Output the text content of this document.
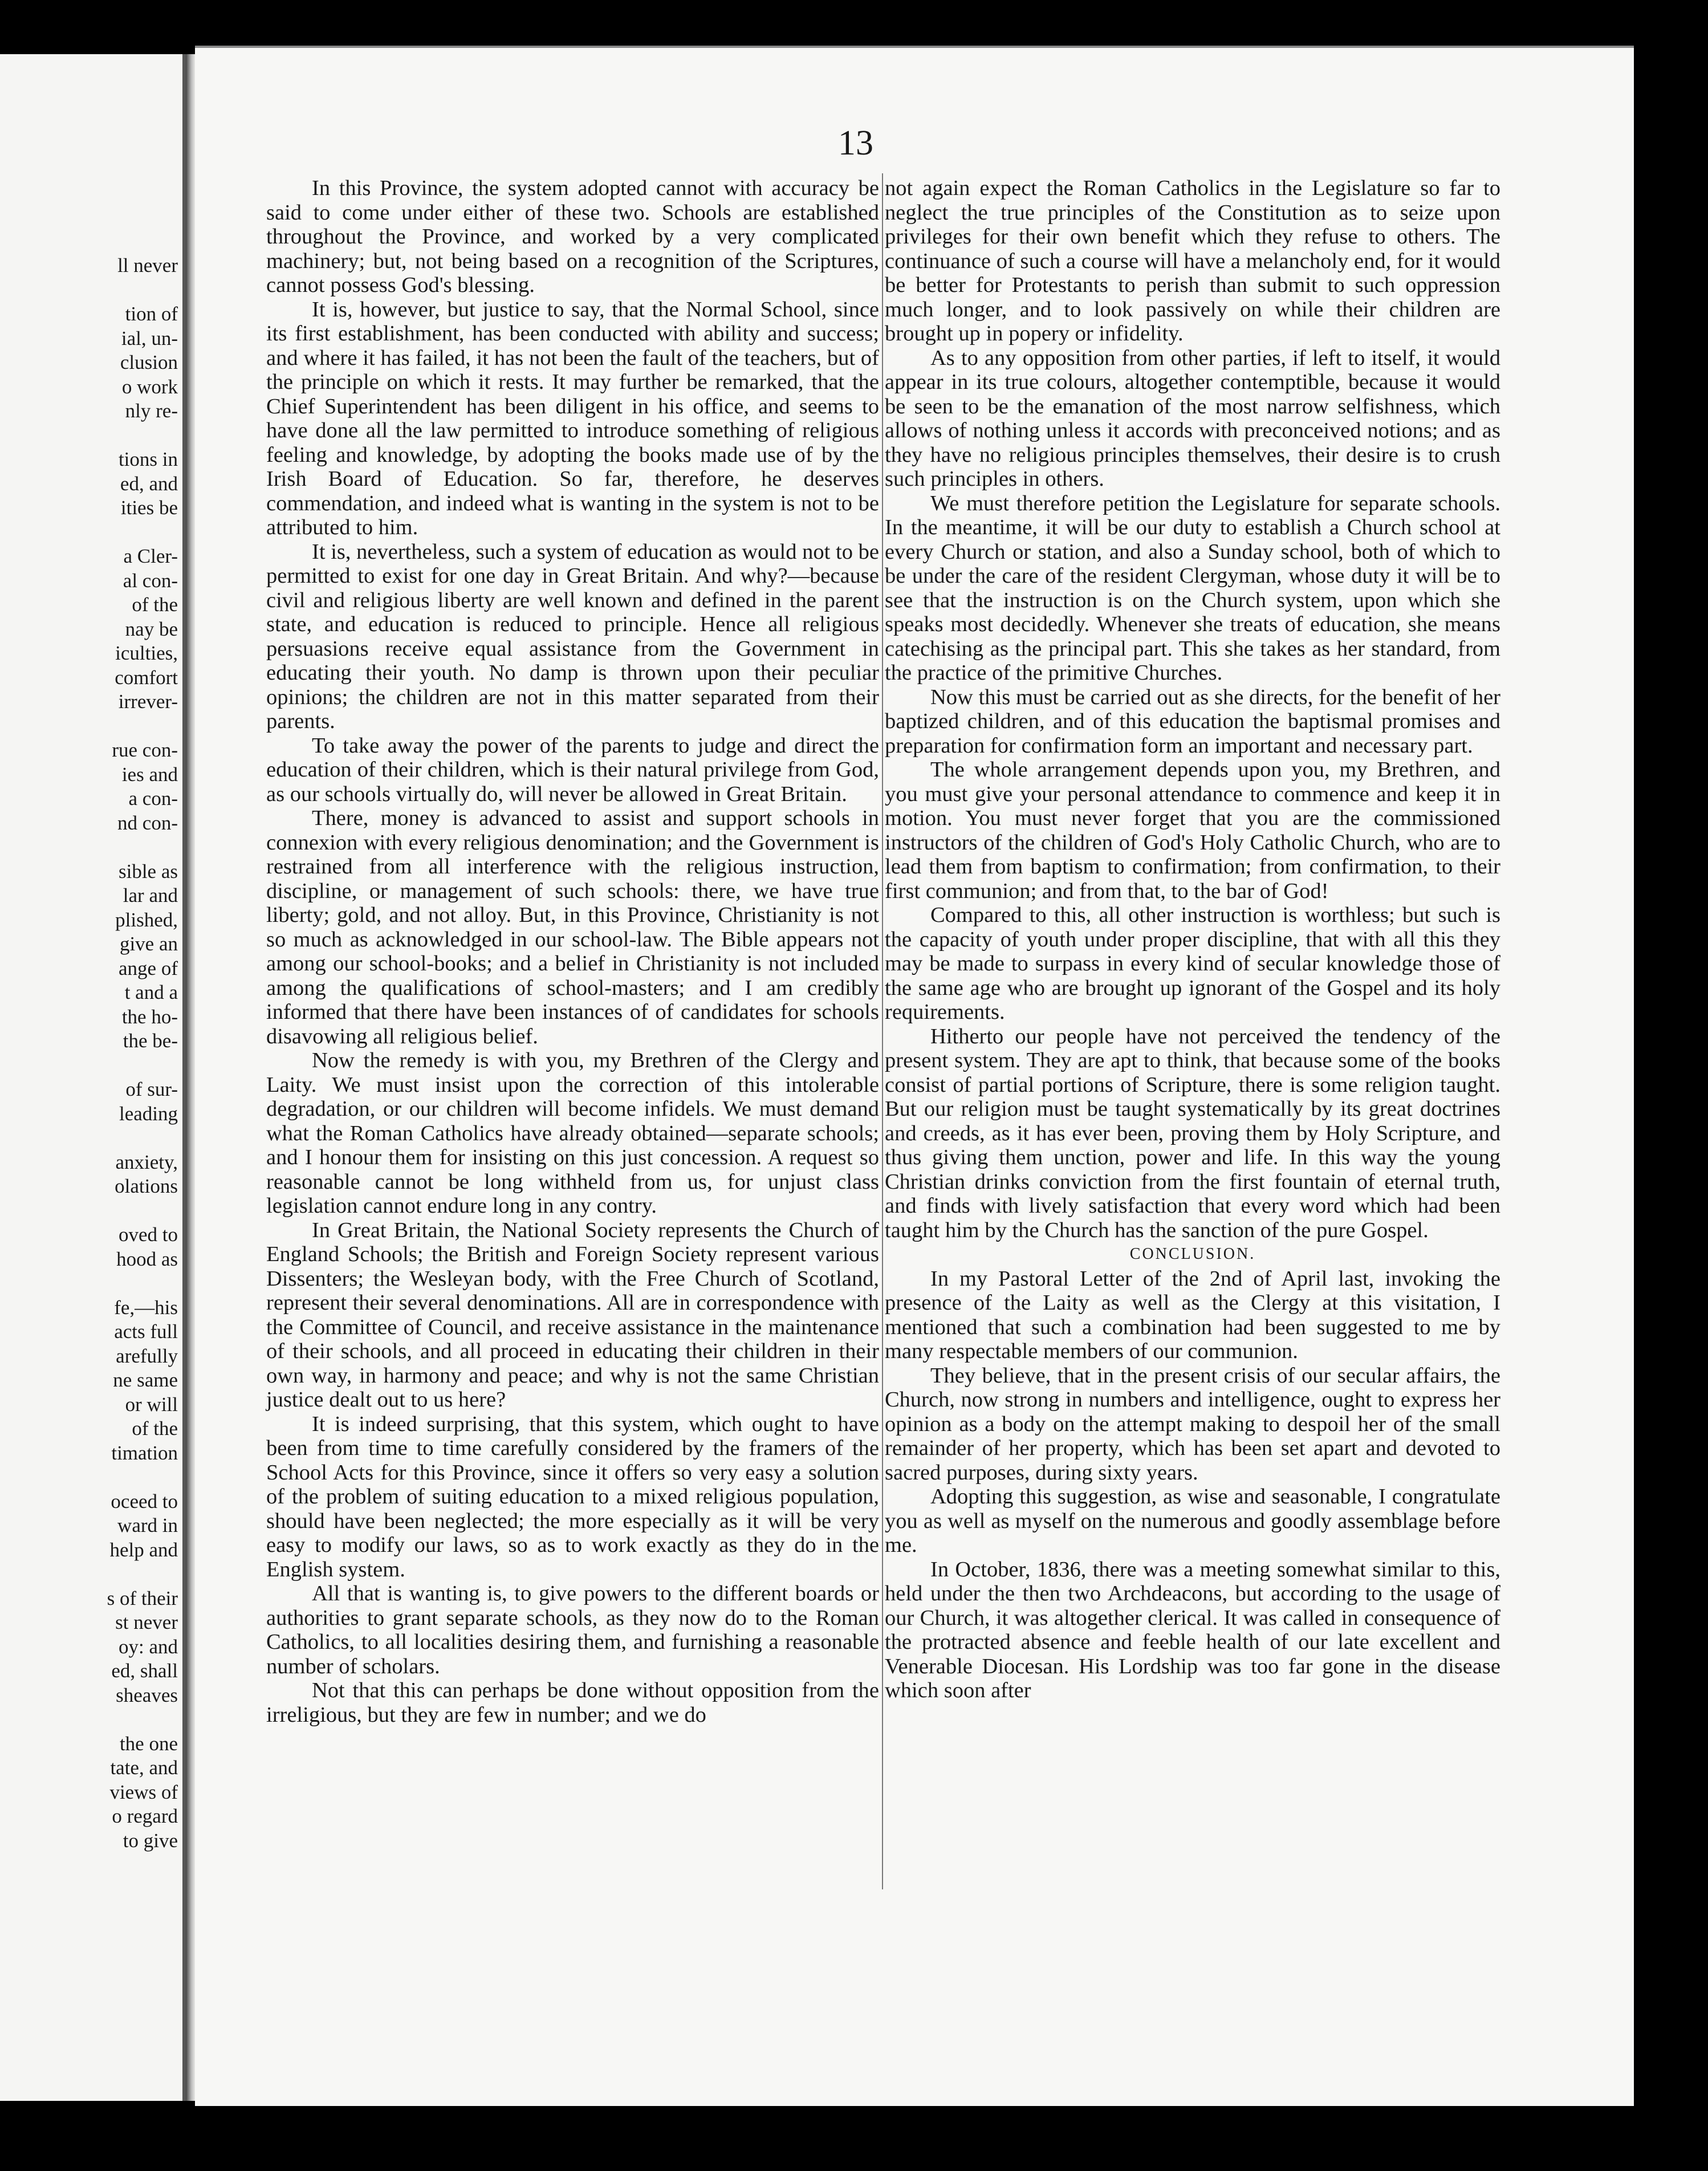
ll never

tion of
ial, un-
clusion
o work
nly re-

tions in
ed, and
ities be

a Cler-
al con-
of the
nay be
iculties,
comfort
irrever-

rue con-
ies and
a con-
nd con-

sible as
lar and
plished,
give an
ange of
t and a
the ho-
the be-

of sur-
leading

anxiety,
olations

oved to
hood as

fe,—his
acts full
arefully
ne same
or will
of the
timation

oceed to
ward in
help and

s of their
st never
oy: and
ed, shall
sheaves

the one
tate, and
views of
o regard
to give
13

In this Province, the system adopted cannot with accuracy be said to come under either of these two. Schools are established throughout the Province, and worked by a very complicated machinery; but, not being based on a recognition of the Scriptures, cannot possess God's blessing.

It is, however, but justice to say, that the Normal School, since its first establishment, has been conducted with ability and success; and where it has failed, it has not been the fault of the teachers, but of the principle on which it rests. It may further be remarked, that the Chief Superintendent has been diligent in his office, and seems to have done all the law permitted to introduce something of religious feeling and knowledge, by adopting the books made use of by the Irish Board of Education. So far, therefore, he deserves commendation, and indeed what is wanting in the system is not to be attributed to him.

It is, nevertheless, such a system of education as would not to be permitted to exist for one day in Great Britain. And why?—because civil and religious liberty are well known and defined in the parent state, and education is reduced to principle. Hence all religious persuasions receive equal assistance from the Government in educating their youth. No damp is thrown upon their peculiar opinions; the children are not in this matter separated from their parents.

To take away the power of the parents to judge and direct the education of their children, which is their natural privilege from God, as our schools virtually do, will never be allowed in Great Britain.

There, money is advanced to assist and support schools in connexion with every religious denomination; and the Government is restrained from all interference with the religious instruction, discipline, or management of such schools: there, we have true liberty; gold, and not alloy. But, in this Province, Christianity is not so much as acknowledged in our school-law. The Bible appears not among our school-books; and a belief in Christianity is not included among the qualifications of school-masters; and I am credibly informed that there have been instances of of candidates for schools disavowing all religious belief.

Now the remedy is with you, my Brethren of the Clergy and Laity. We must insist upon the correction of this intolerable degradation, or our children will become infidels. We must demand what the Roman Catholics have already obtained—separate schools; and I honour them for insisting on this just concession. A request so reasonable cannot be long withheld from us, for unjust class legislation cannot endure long in any contry.

In Great Britain, the National Society represents the Church of England Schools; the British and Foreign Society represent various Dissenters; the Wesleyan body, with the Free Church of Scotland, represent their several denominations. All are in correspondence with the Committee of Council, and receive assistance in the maintenance of their schools, and all proceed in educating their children in their own way, in harmony and peace; and why is not the same Christian justice dealt out to us here?

It is indeed surprising, that this system, which ought to have been from time to time carefully considered by the framers of the School Acts for this Province, since it offers so very easy a solution of the problem of suiting education to a mixed religious population, should have been neglected; the more especially as it will be very easy to modify our laws, so as to work exactly as they do in the English system.

All that is wanting is, to give powers to the different boards or authorities to grant separate schools, as they now do to the Roman Catholics, to all localities desiring them, and furnishing a reasonable number of scholars.

Not that this can perhaps be done without opposition from the irreligious, but they are few in number; and we do

not again expect the Roman Catholics in the Legislature so far to neglect the true principles of the Constitution as to seize upon privileges for their own benefit which they refuse to others. The continuance of such a course will have a melancholy end, for it would be better for Protestants to perish than submit to such oppression much longer, and to look passively on while their children are brought up in popery or infidelity.

As to any opposition from other parties, if left to itself, it would appear in its true colours, altogether contemptible, because it would be seen to be the emanation of the most narrow selfishness, which allows of nothing unless it accords with preconceived notions; and as they have no religious principles themselves, their desire is to crush such principles in others.

We must therefore petition the Legislature for separate schools. In the meantime, it will be our duty to establish a Church school at every Church or station, and also a Sunday school, both of which to be under the care of the resident Clergyman, whose duty it will be to see that the instruction is on the Church system, upon which she speaks most decidedly. Whenever she treats of education, she means catechising as the principal part. This she takes as her standard, from the practice of the primitive Churches.

Now this must be carried out as she directs, for the benefit of her baptized children, and of this education the baptismal promises and preparation for confirmation form an important and necessary part.

The whole arrangement depends upon you, my Brethren, and you must give your personal attendance to commence and keep it in motion. You must never forget that you are the commissioned instructors of the children of God's Holy Catholic Church, who are to lead them from baptism to confirmation; from confirmation, to their first communion; and from that, to the bar of God!

Compared to this, all other instruction is worthless; but such is the capacity of youth under proper discipline, that with all this they may be made to surpass in every kind of secular knowledge those of the same age who are brought up ignorant of the Gospel and its holy requirements.

Hitherto our people have not perceived the tendency of the present system. They are apt to think, that because some of the books consist of partial portions of Scripture, there is some religion taught. But our religion must be taught systematically by its great doctrines and creeds, as it has ever been, proving them by Holy Scripture, and thus giving them unction, power and life. In this way the young Christian drinks conviction from the first fountain of eternal truth, and finds with lively satisfaction that every word which had been taught him by the Church has the sanction of the pure Gospel.

CONCLUSION.

In my Pastoral Letter of the 2nd of April last, invoking the presence of the Laity as well as the Clergy at this visitation, I mentioned that such a combination had been suggested to me by many respectable members of our communion.

They believe, that in the present crisis of our secular affairs, the Church, now strong in numbers and intelligence, ought to express her opinion as a body on the attempt making to despoil her of the small remainder of her property, which has been set apart and devoted to sacred purposes, during sixty years.

Adopting this suggestion, as wise and seasonable, I congratulate you as well as myself on the numerous and goodly assemblage before me.

In October, 1836, there was a meeting somewhat similar to this, held under the then two Archdeacons, but according to the usage of our Church, it was altogether clerical. It was called in consequence of the protracted absence and feeble health of our late excellent and Venerable Diocesan. His Lordship was too far gone in the disease which soon after
